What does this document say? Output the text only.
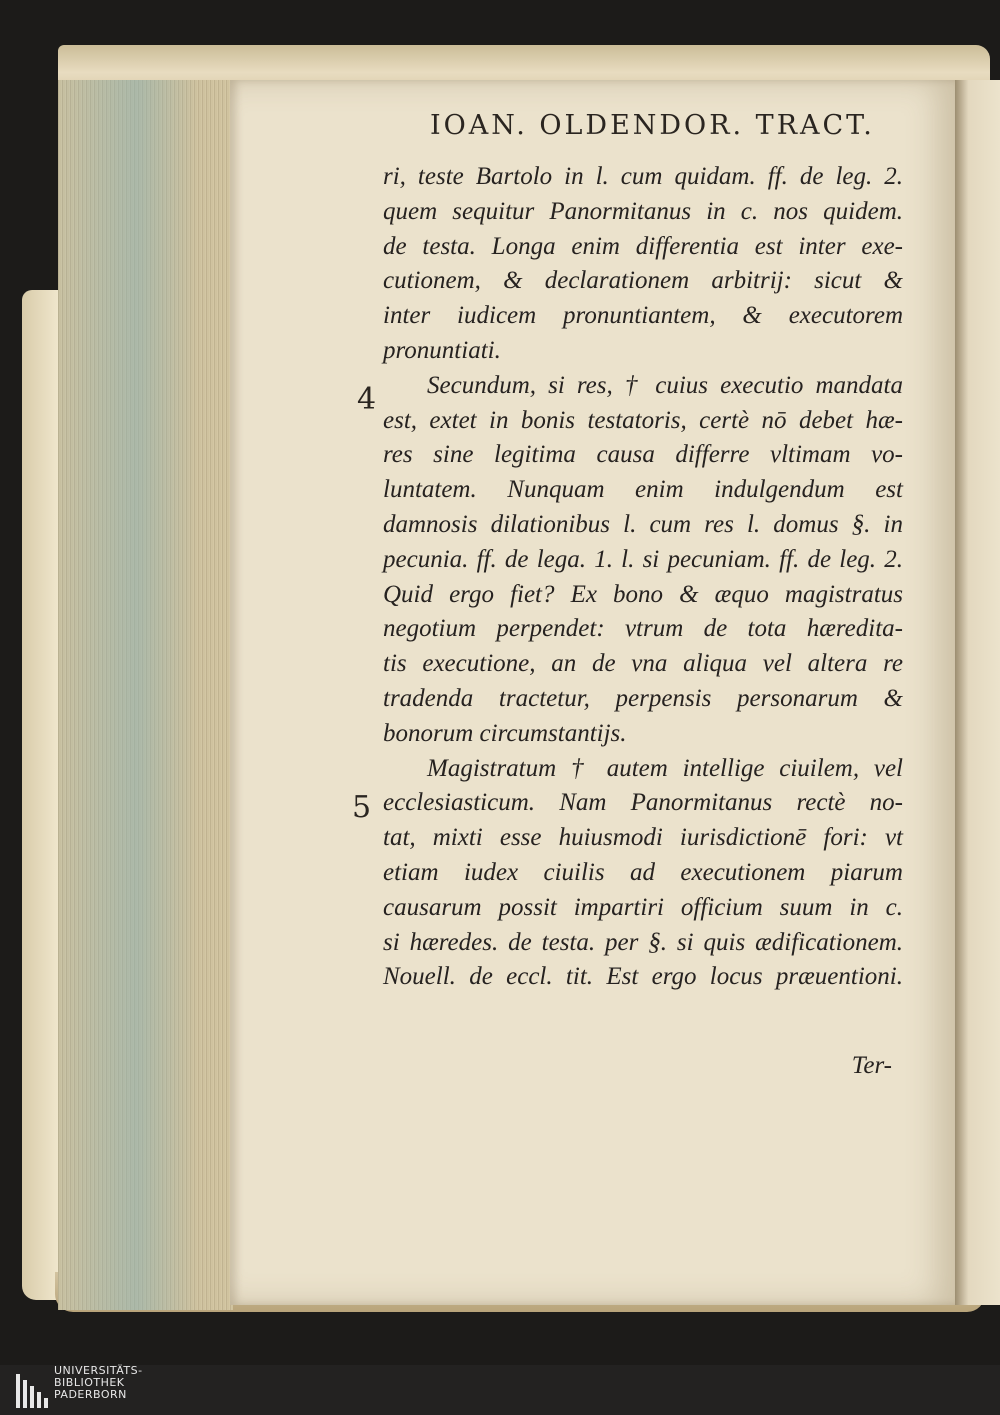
IOAN. OLDENDOR. TRACT.
4
5
ri, teste Bartolo in l. cum quidam. ff. de leg. 2.
quem sequitur Panormitanus in c. nos quidem.
de testa. Longa enim differentia est inter exe-
cutionem, & declarationem arbitrij: sicut &
inter iudicem pronuntiantem, & executorem
pronuntiati.
Secundum, si res, † cuius executio mandata
est, extet in bonis testatoris, certè nō debet hæ-
res sine legitima causa differre vltimam vo-
luntatem. Nunquam enim indulgendum est
damnosis dilationibus l. cum res l. domus §. in
pecunia. ff. de lega. 1. l. si pecuniam. ff. de leg. 2.
Quid ergo fiet? Ex bono & æquo magistratus
negotium perpendet: vtrum de tota hæredita-
tis executione, an de vna aliqua vel altera re
tradenda tractetur, perpensis personarum &
bonorum circumstantijs.
Magistratum † autem intellige ciuilem, vel
ecclesiasticum. Nam Panormitanus rectè no-
tat, mixti esse huiusmodi iurisdictionē fori: vt
etiam iudex ciuilis ad executionem piarum
causarum possit impartiri officium suum in c.
si hæredes. de testa. per §. si quis ædificationem.
Nouell. de eccl. tit. Est ergo locus præuentioni.
Ter-
UNIVERSITÄTS-
BIBLIOTHEK
PADERBORN
